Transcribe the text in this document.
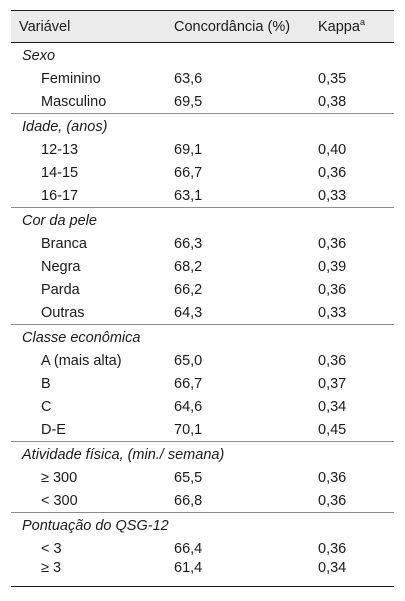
Variável	Concordância (%)	Kappa$^a$
Sexo		
Feminino	63,6	0,35
Masculino	69,5	0,38
Idade, (anos)		
12-13	69,1	0,40
14-15	66,7	0,36
16-17	63,1	0,33
Cor da pele		
Branca	66,3	0,36
Negra	68,2	0,39
Parda	66,2	0,36
Outras	64,3	0,33
Classe econômica		
A (mais alta)	65,0	0,36
B	66,7	0,37
C	64,6	0,34
D-E	70,1	0,45
Atividade física, (min./ semana)		
≥ 300	65,5	0,36
< 300	66,8	0,36
Pontuação do QSG-12		
< 3	66,4	0,36
≥ 3	61,4	0,34
